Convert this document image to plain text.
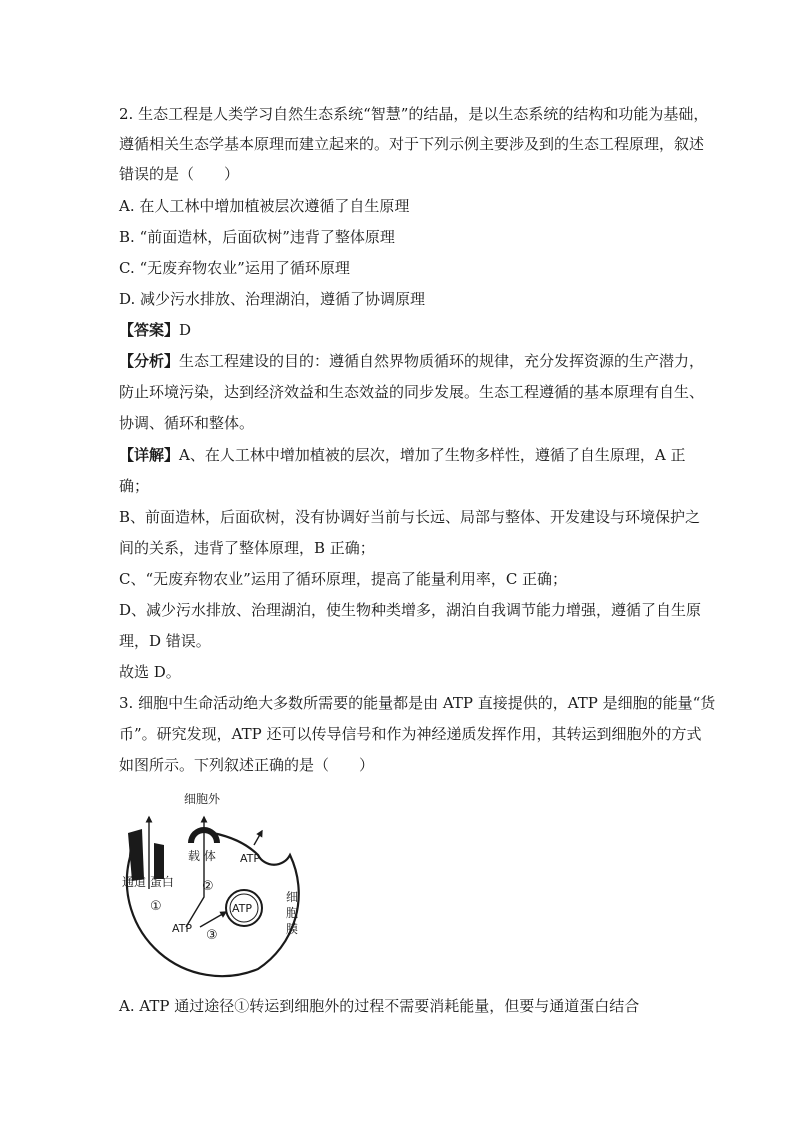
2. 生态工程是人类学习自然生态系统“智慧”的结晶，是以生态系统的结构和功能为基础，
遵循相关生态学基本原理而建立起来的。对于下列示例主要涉及到的生态工程原理，叙述
错误的是（　　）
A. 在人工林中增加植被层次遵循了自生原理
B. “前面造林，后面砍树”违背了整体原理
C. “无废弃物农业”运用了循环原理
D. 减少污水排放、治理湖泊，遵循了协调原理
【答案】D
【分析】生态工程建设的目的：遵循自然界物质循环的规律，充分发挥资源的生产潜力，
防止环境污染，达到经济效益和生态效益的同步发展。生态工程遵循的基本原理有自生、
协调、循环和整体。
【详解】A、在人工林中增加植被的层次，增加了生物多样性，遵循了自生原理，A 正
确；
B、前面造林，后面砍树，没有协调好当前与长远、局部与整体、开发建设与环境保护之
间的关系，违背了整体原理，B 正确；
C、“无废弃物农业”运用了循环原理，提高了能量利用率，C 正确；
D、减少污水排放、治理湖泊，使生物种类增多，湖泊自我调节能力增强，遵循了自生原
理，D 错误。
故选 D。
3. 细胞中生命活动绝大多数所需要的能量都是由 ATP 直接提供的，ATP 是细胞的能量“货
币”。研究发现，ATP 还可以传导信号和作为神经递质发挥作用，其转运到细胞外的方式
如图所示。下列叙述正确的是（　　）
细胞外
载 体
通道 蛋白
①
②
③
ATP
ATP
ATP
细
胞
膜
A. ATP 通过途径①转运到细胞外的过程不需要消耗能量，但要与通道蛋白结合
